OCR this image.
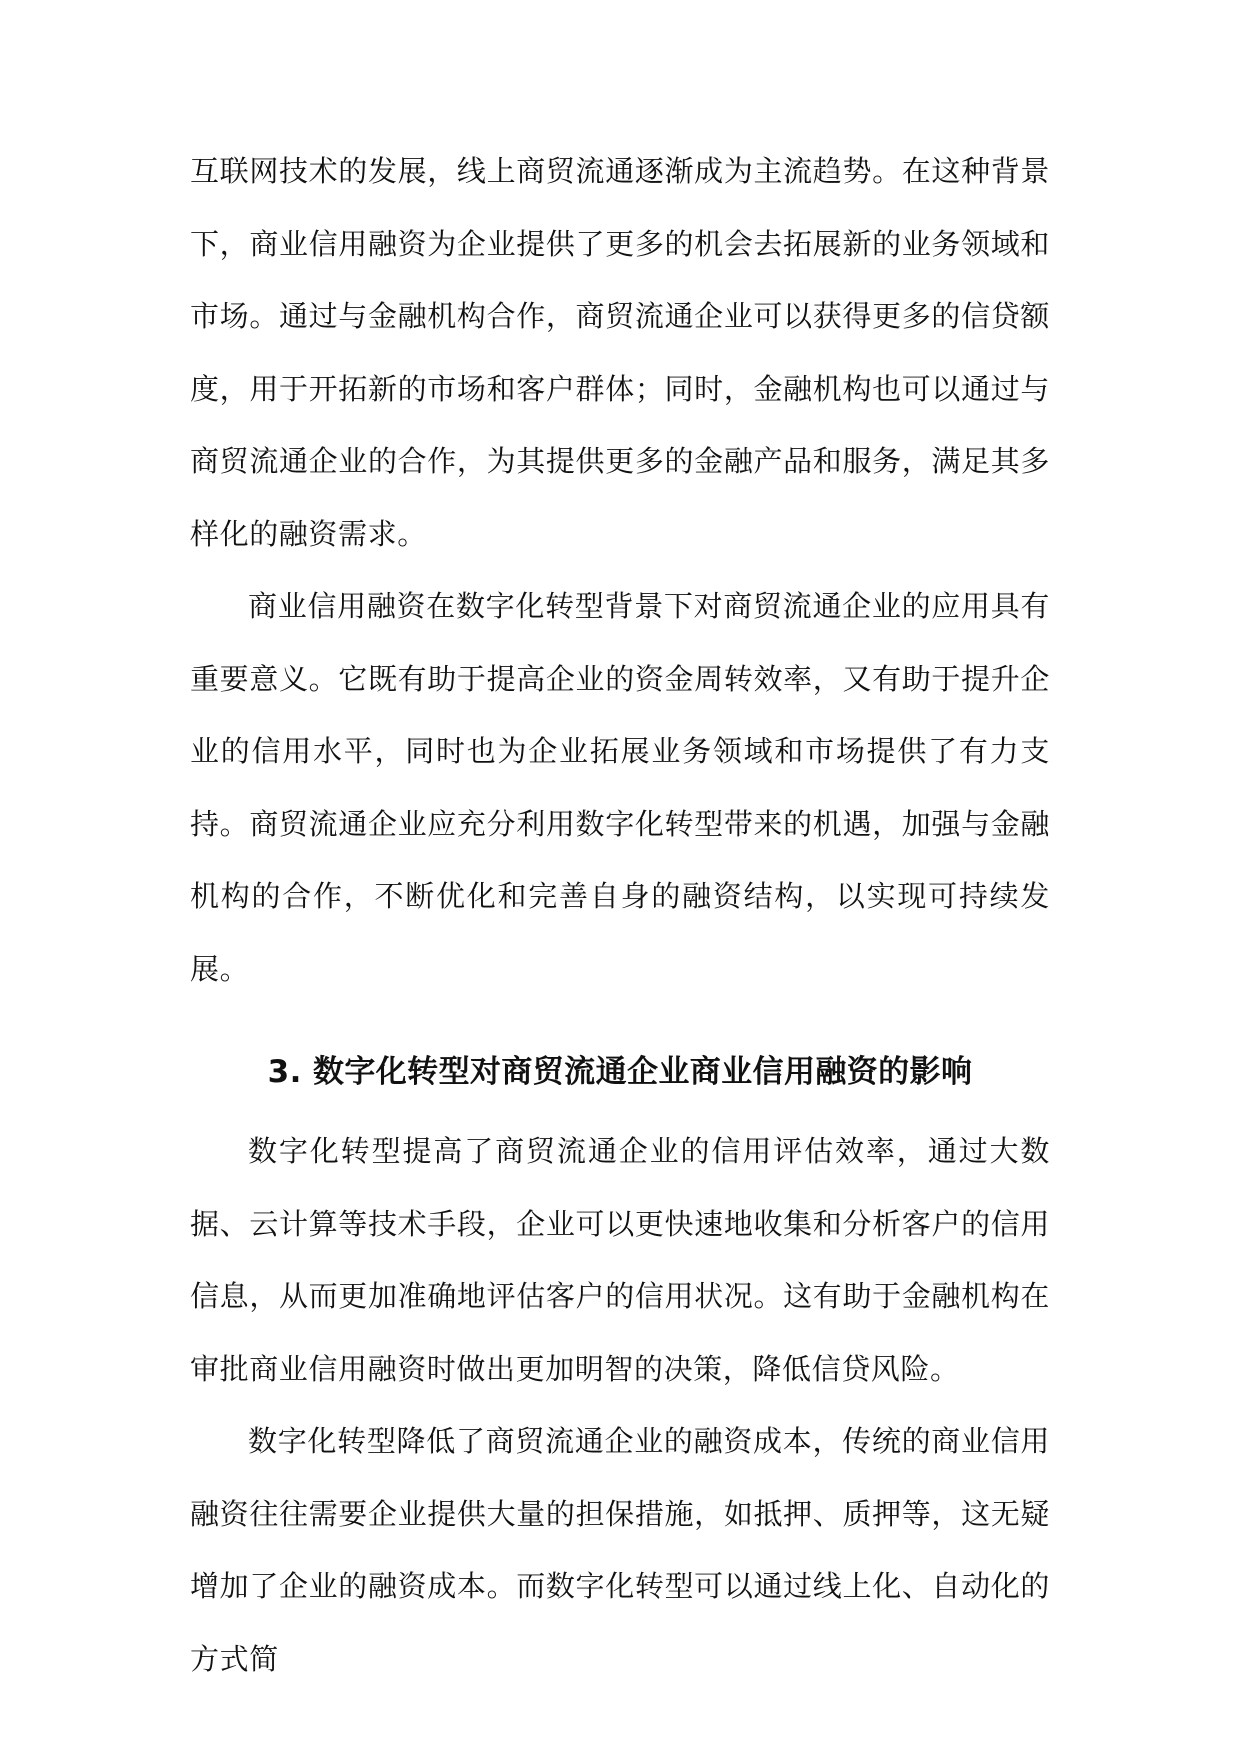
互联网技术的发展，线上商贸流通逐渐成为主流趋势。在这种背景下，商业信用融资为企业提供了更多的机会去拓展新的业务领域和市场。通过与金融机构合作，商贸流通企业可以获得更多的信贷额度，用于开拓新的市场和客户群体；同时，金融机构也可以通过与商贸流通企业的合作，为其提供更多的金融产品和服务，满足其多样化的融资需求。

商业信用融资在数字化转型背景下对商贸流通企业的应用具有重要意义。它既有助于提高企业的资金周转效率，又有助于提升企业的信用水平，同时也为企业拓展业务领域和市场提供了有力支持。商贸流通企业应充分利用数字化转型带来的机遇，加强与金融机构的合作，不断优化和完善自身的融资结构，以实现可持续发展。

3. 数字化转型对商贸流通企业商业信用融资的影响

数字化转型提高了商贸流通企业的信用评估效率，通过大数据、云计算等技术手段，企业可以更快速地收集和分析客户的信用信息，从而更加准确地评估客户的信用状况。这有助于金融机构在审批商业信用融资时做出更加明智的决策，降低信贷风险。

数字化转型降低了商贸流通企业的融资成本，传统的商业信用融资往往需要企业提供大量的担保措施，如抵押、质押等，这无疑增加了企业的融资成本。而数字化转型可以通过线上化、自动化的方式简
